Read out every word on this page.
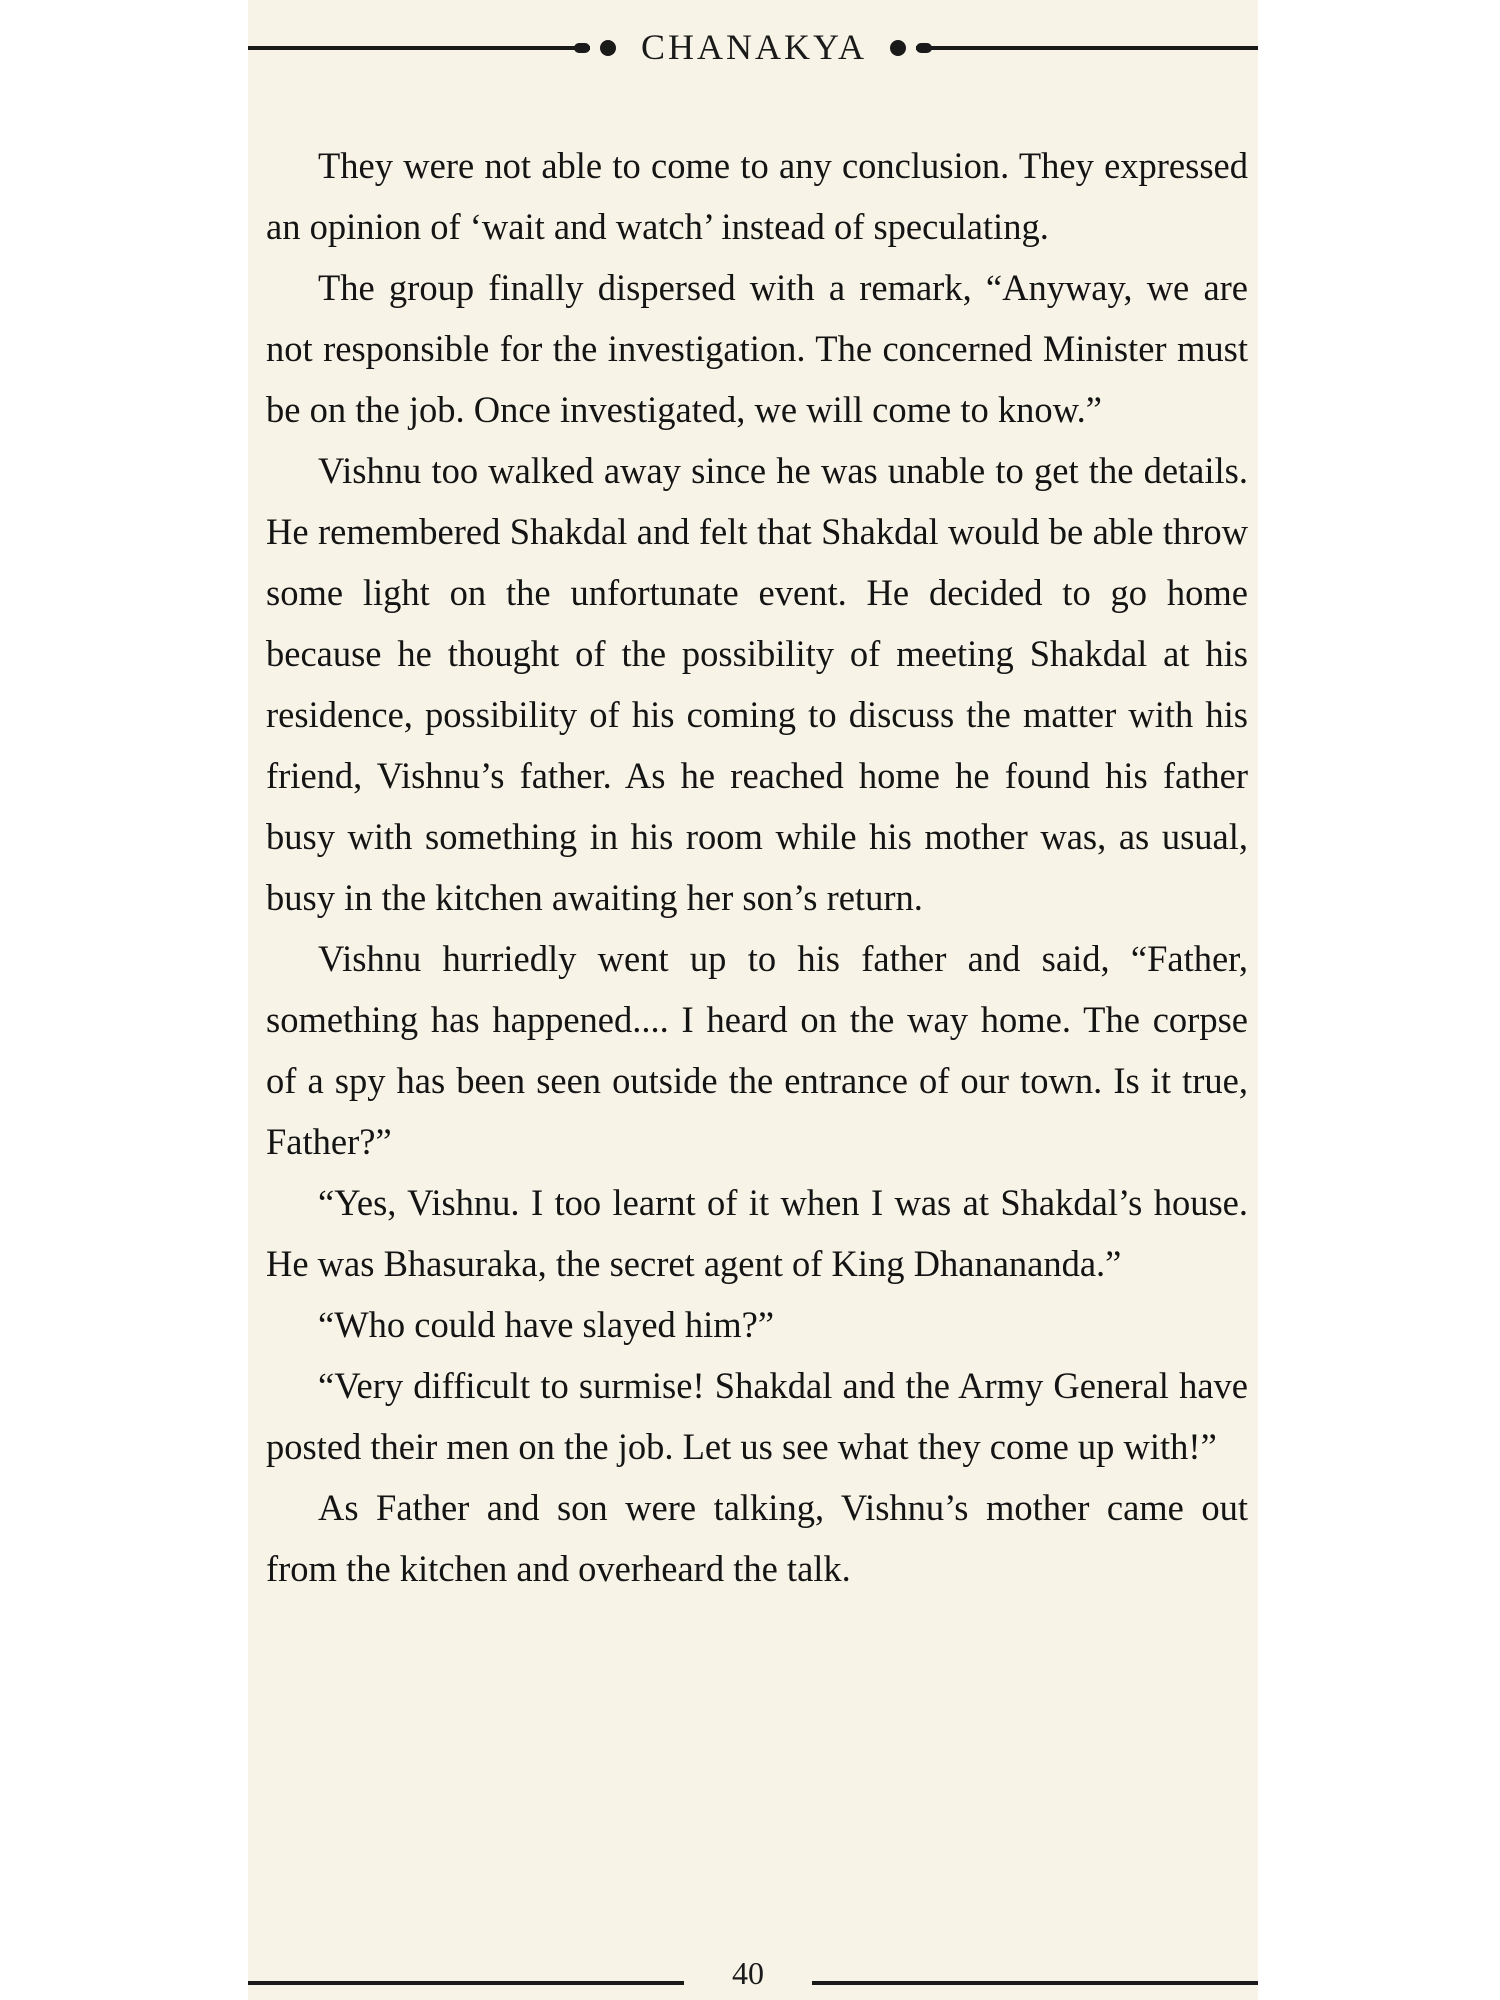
CHANAKYA

They were not able to come to any conclusion. They expressed an opinion of ‘wait and watch’ instead of speculating.

The group finally dispersed with a remark, “Anyway, we are not responsible for the investigation. The concerned Minister must be on the job. Once investigated, we will come to know.”

Vishnu too walked away since he was unable to get the details. He remembered Shakdal and felt that Shakdal would be able throw some light on the unfortunate event. He decided to go home because he thought of the possibility of meeting Shakdal at his residence, possibility of his coming to discuss the matter with his friend, Vishnu’s father. As he reached home he found his father busy with something in his room while his mother was, as usual, busy in the kitchen awaiting her son’s return.

Vishnu hurriedly went up to his father and said, “Father, something has happened.... I heard on the way home. The corpse of a spy has been seen outside the entrance of our town. Is it true, Father?”

“Yes, Vishnu. I too learnt of it when I was at Shakdal’s house. He was Bhasuraka, the secret agent of King Dhanananda.”

“Who could have slayed him?”

“Very difficult to surmise! Shakdal and the Army General have posted their men on the job. Let us see what they come up with!”

As Father and son were talking, Vishnu’s mother came out from the kitchen and overheard the talk.

40
